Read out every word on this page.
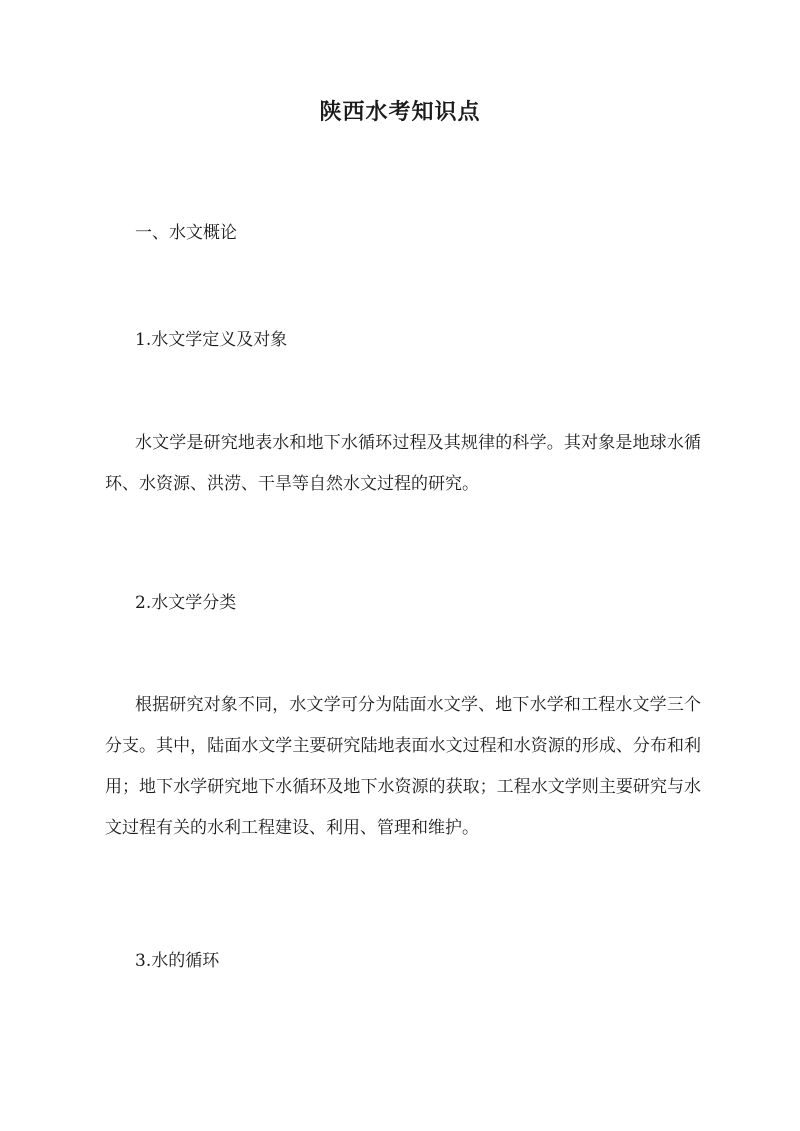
陕西水考知识点
一、水文概论
1.水文学定义及对象

水文学是研究地表水和地下水循环过程及其规律的科学。其对象是地球水循环、水资源、洪涝、干旱等自然水文过程的研究。

2.水文学分类

根据研究对象不同，水文学可分为陆面水文学、地下水学和工程水文学三个分支。其中，陆面水文学主要研究陆地表面水文过程和水资源的形成、分布和利用；地下水学研究地下水循环及地下水资源的获取；工程水文学则主要研究与水文过程有关的水利工程建设、利用、管理和维护。

3.水的循环
